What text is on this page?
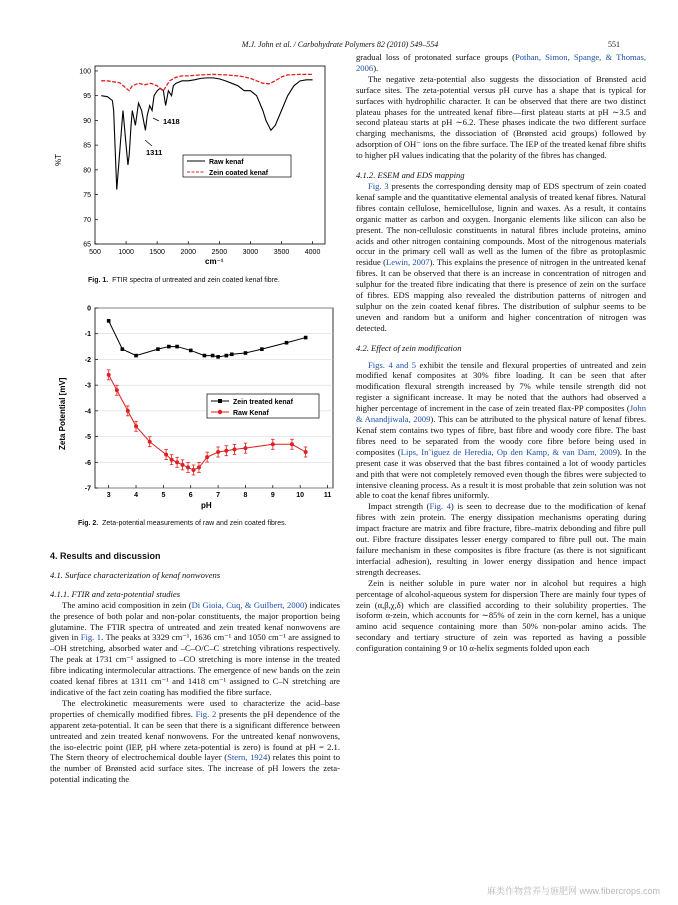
M.J. John et al. / Carbohydrate Polymers 82 (2010) 549–554	551
100
95
90
85
80
75
70
65
500 1000 1500 2000 2500 3000 3500 4000
%T
cm⁻¹
1418
1311
Raw kenaf
Zein coated kenaf
Fig. 1. FTIR spectra of untreated and zein coated kenaf fibre.
0
-1
-2
-3
-4
-5
-6
-7
3	4	5	6	7	8	9	10	11
Zeta Potential [mV]
pH
Zein treated kenaf
Raw Kenaf
Fig. 2. Zeta-potential measurements of raw and zein coated fibres.

4. Results and discussion

4.1. Surface characterization of kenaf nonwovens

4.1.1. FTIR and zeta-potential studies

The amino acid composition in zein (Di Gioia, Cuq, & Guilbert, 2000) indicates the presence of both polar and non-polar constituents, the major proportion being glutamine. The FTIR spectra of untreated and zein treated kenaf nonwovens are given in Fig. 1. The peaks at 3329 cm⁻¹, 1636 cm⁻¹ and 1050 cm⁻¹ are assigned to –OH stretching, absorbed water and –C–O/C–C stretching vibrations respectively. The peak at 1731 cm⁻¹ assigned to –CO stretching is more intense in the treated fibre indicating intermolecular attractions. The emergence of new bands on the zein coated kenaf fibres at 1311 cm⁻¹ and 1418 cm⁻¹ assigned to C–N stretching are indicative of the fact zein coating has modified the fibre surface.

The electrokinetic measurements were used to characterize the acid–base properties of chemically modified fibres. Fig. 2 presents the pH dependence of the apparent zeta-potential. It can be seen that there is a significant difference between untreated and zein treated kenaf nonwovens. For the untreated kenaf nonwovens, the iso-electric point (IEP, pH where zeta-potential is zero) is found at pH = 2.1. The Stern theory of electrochemical double layer (Stern, 1924) relates this point to the number of Brønsted acid surface sites. The increase of pH lowers the zeta-potential indicating the

gradual loss of protonated surface groups (Pothan, Simon, Spange, & Thomas, 2006).

The negative zeta-potential also suggests the dissociation of Brønsted acid surface sites. The zeta-potential versus pH curve has a shape that is typical for surfaces with hydrophilic character. It can be observed that there are two distinct plateau phases for the untreated kenaf fibre—first plateau starts at pH ∼3.5 and second plateau starts at pH ∼6.2. These phases indicate the two different surface charging mechanisms, the dissociation of (Brønsted acid groups) followed by adsorption of OH⁻ ions on the fibre surface. The IEP of the treated kenaf fibre shifts to higher pH values indicating that the polarity of the fibres has changed.

4.1.2. ESEM and EDS mapping

Fig. 3 presents the corresponding density map of EDS spectrum of zein coated kenaf sample and the quantitative elemental analysis of treated kenaf fibres. Natural fibres contain cellulose, hemicellulose, lignin and waxes. As a result, it contains organic matter as carbon and oxygen. Inorganic elements like silicon can also be present. The non-cellulosic constituents in natural fibres include proteins, amino acids and other nitrogen containing compounds. Most of the nitrogenous materials occur in the primary cell wall as well as the lumen of the fibre as protoplasmic residue (Lewin, 2007). This explains the presence of nitrogen in the untreated kenaf fibres. It can be observed that there is an increase in concentration of nitrogen and sulphur for the treated fibre indicating that there is presence of zein on the surface of fibres. EDS mapping also revealed the distribution patterns of nitrogen and sulphur on the zein coated kenaf fibres. The distribution of sulphur seems to be uneven and random but a uniform and higher concentration of nitrogen was detected.

4.2. Effect of zein modification

Figs. 4 and 5 exhibit the tensile and flexural properties of untreated and zein modified kenaf composites at 30% fibre loading. It can be seen that after modification flexural strength increased by 7% while tensile strength did not register a significant increase. It may be noted that the authors had observed a higher percentage of increment in the case of zein treated flax-PP composites (John & Anandjiwala, 2009). This can be attributed to the physical nature of kenaf fibres. Kenaf stem contains two types of fibre, bast fibre and woody core fibre. The bast fibres need to be separated from the woody core fibre before being used in composites (Lips, In˜iguez de Heredia, Op den Kamp, & van Dam, 2009). In the present case it was observed that the bast fibres contained a lot of woody particles and pith that were not completely removed even though the fibres were subjected to intensive cleaning process. As a result it is most probable that zein solution was not able to coat the kenaf fibres uniformly.

Impact strength (Fig. 4) is seen to decrease due to the modification of kenaf fibres with zein protein. The energy dissipation mechanisms operating during impact fracture are matrix and fibre fracture, fibre–matrix debonding and fibre pull out. Fibre fracture dissipates lesser energy compared to fibre pull out. The main failure mechanism in these composites is fibre fracture (as there is not significant interfacial adhesion), resulting in lower energy dissipation and hence impact strength decreases.

Zein is neither soluble in pure water nor in alcohol but requires a high percentage of alcohol-aqueous system for dispersion There are mainly four types of zein (α,β,χ,δ) which are classified according to their solubility properties. The isoform α-zein, which accounts for ∼85% of zein in the corn kernel, has a unique amino acid sequence containing more than 50% non-polar amino acids. The secondary and tertiary structure of zein was reported as having a possible configuration containing 9 or 10 α-helix segments folded upon each

麻类作物营养与施肥网 www.fibercrops.com
